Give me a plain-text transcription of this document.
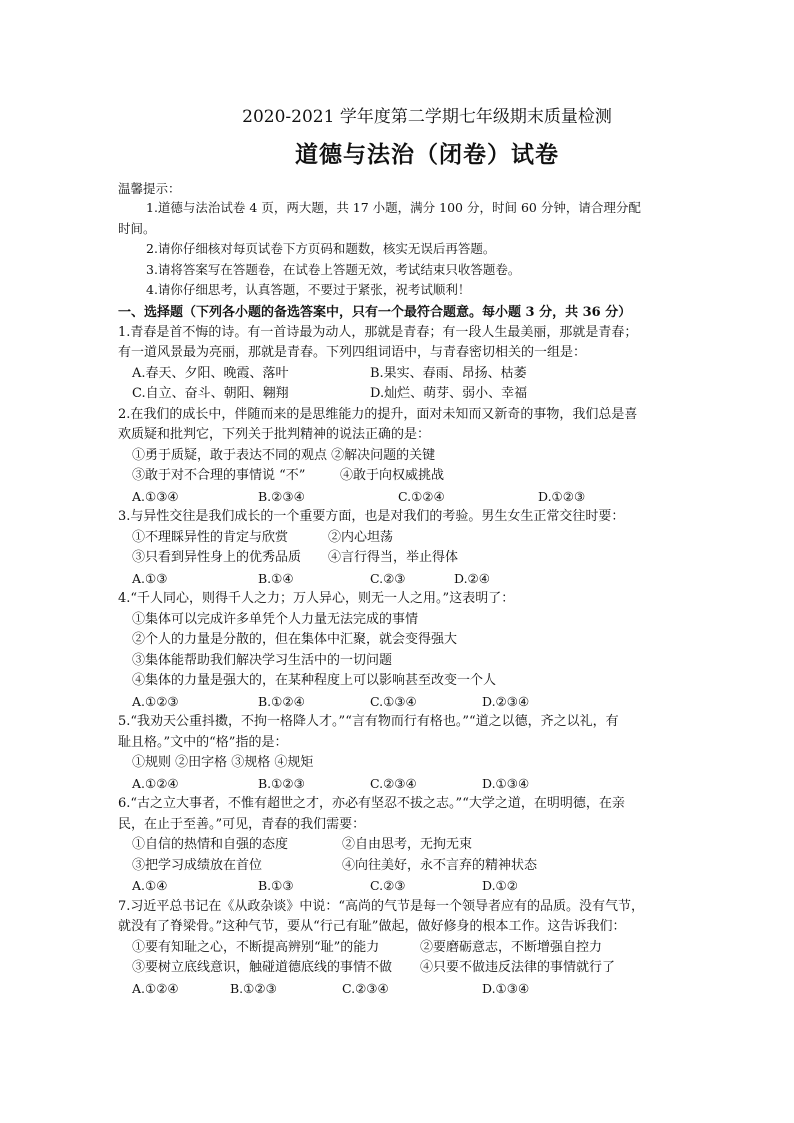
2020-2021 学年度第二学期七年级期末质量检测
道德与法治（闭卷）试卷
温馨提示：
1.道德与法治试卷 4 页，两大题，共 17 小题，满分 100 分，时间 60 分钟，请合理分配
时间。
2.请你仔细核对每页试卷下方页码和题数，核实无误后再答题。
3.请将答案写在答题卷，在试卷上答题无效，考试结束只收答题卷。
4.请你仔细思考，认真答题，不要过于紧张，祝考试顺利！
一、选择题（下列各小题的备选答案中，只有一个最符合题意。每小题 3 分，共 36 分）
1.青春是首不悔的诗。有一首诗最为动人，那就是青春；有一段人生最美丽，那就是青春；
有一道风景最为亮丽，那就是青春。下列四组词语中，与青春密切相关的一组是：
A.春天、夕阳、晚霞、落叶	B.果实、春雨、昂扬、枯萎
C.自立、奋斗、朝阳、翱翔	D.灿烂、萌芽、弱小、幸福
2.在我们的成长中，伴随而来的是思维能力的提升，面对未知而又新奇的事物，我们总是喜
欢质疑和批判它，下列关于批判精神的说法正确的是：
①勇于质疑，敢于表达不同的观点 ②解决问题的关键
③敢于对不合理的事情说 “不”	④敢于向权威挑战
A.①③④	B.②③④	C.①②④	D.①②③
3.与异性交往是我们成长的一个重要方面，也是对我们的考验。男生女生正常交往时要：
①不理睬异性的肯定与欣赏	②内心坦荡
③只看到异性身上的优秀品质	④言行得当，举止得体
A.①③	B.①④	C.②③	D.②④
4.“千人同心，则得千人之力；万人异心，则无一人之用。”这表明了：
①集体可以完成许多单凭个人力量无法完成的事情
②个人的力量是分散的，但在集体中汇聚，就会变得强大
③集体能帮助我们解决学习生活中的一切问题
④集体的力量是强大的，在某种程度上可以影响甚至改变一个人
A.①②③	B.①②④	C.①③④	D.②③④
5.“我劝天公重抖擞，不拘一格降人才。”“言有物而行有格也。”“道之以德，齐之以礼，有
耻且格。”文中的“格”指的是：
①规则 ②田字格 ③规格 ④规矩
A.①②④	B.①②③	C.②③④	D.①③④
6.“古之立大事者，不惟有超世之才，亦必有坚忍不拔之志。”“大学之道，在明明德，在亲
民，在止于至善。”可见，青春的我们需要：
①自信的热情和自强的态度	②自由思考，无拘无束
③把学习成绩放在首位	④向往美好，永不言弃的精神状态
A.①④	B.①③	C.②③	D.①②
7.习近平总书记在《从政杂谈》中说：“高尚的气节是每一个领导者应有的品质。没有气节，
就没有了脊梁骨。”这种气节，要从“行己有耻”做起，做好修身的根本工作。这告诉我们：
①要有知耻之心，不断提高辨别“耻”的能力	②要磨砺意志，不断增强自控力
③要树立底线意识，触碰道德底线的事情不做	④只要不做违反法律的事情就行了
A.①②④	B.①②③	C.②③④	D.①③④
